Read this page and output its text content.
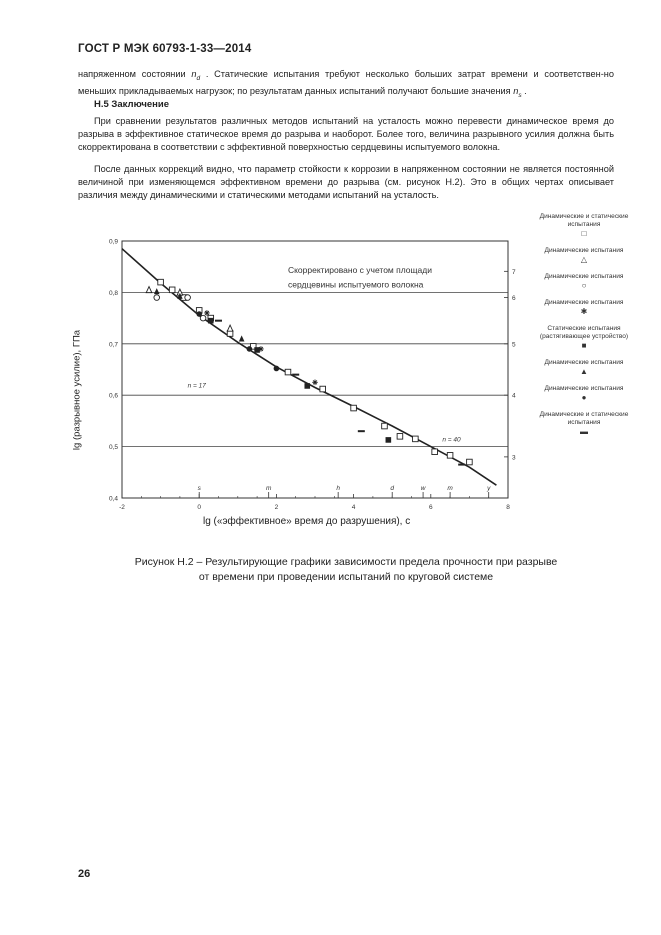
ГОСТ Р МЭК 60793-1-33—2014
напряженном состоянии $n_d$ . Статические испытания требуют несколько больших затрат времени и соответствен-но меньших прикладываемых нагрузок; по результатам данных испытаний получают большие значения $n_s$ .
Н.5 Заключение
При сравнении результатов различных методов испытаний на усталость можно перевести динамическое время до разрыва в эффективное статическое время до разрыва и наоборот. Более того, величина разрывного усилия должна быть скорректирована в соответствии с эффективной поверхностью сердцевины испытуемого волокна.
После данных коррекций видно, что параметр стойкости к коррозии в напряженном состоянии не является постоянной величиной при изменяющемся эффективном времени до разрыва (см. рисунок Н.2). Это в общих чертах описывает различия между динамическими и статическими методами испытаний на усталость.
lg (разрывное усилие), ГПа
0,4
0,5
0,6
0,7
0,8
0,9
-2	0	2	4	6	8
7
6
5
4
3
s	m	h	d	w	m	y
Скорректировано с учетом площади
сердцевины испытуемого волокна
n = 17
n = 40
lg («эффективное» время до разрушения), с
Динамические и статические испытания
□
Динамические испытания
△
Динамические испытания
○
Динамические испытания
✱
Статические испытания (растягивающее устройство)
■
Динамические испытания
▲
Динамические испытания
●
Динамические и статические испытания
▬
Рисунок Н.2 – Результирующие графики зависимости предела прочности при разрыве
от времени при проведении испытаний по круговой системе
26
